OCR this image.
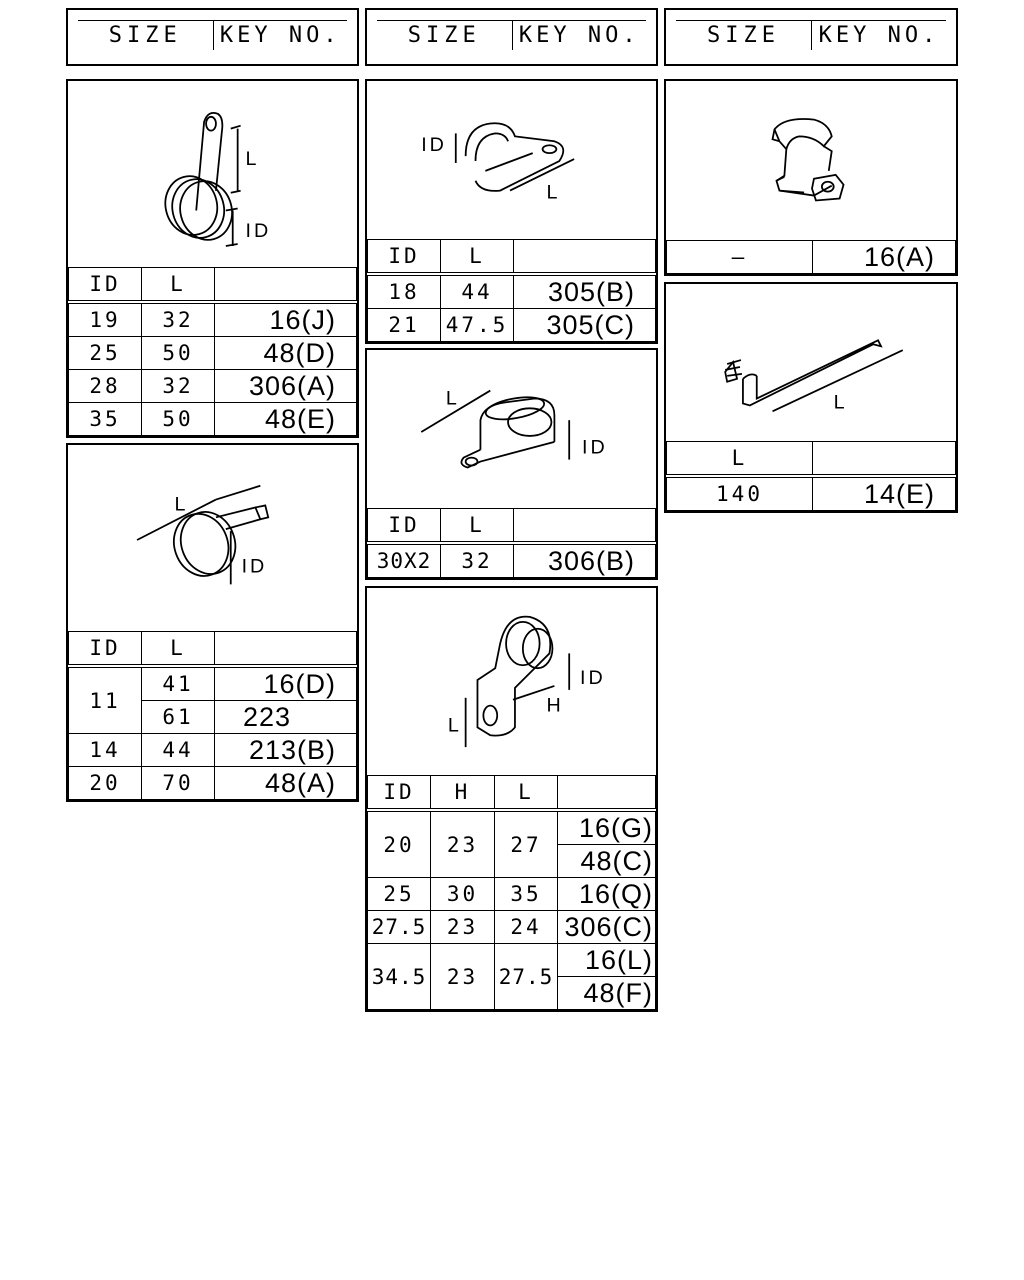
SIZE	KEY NO.	SIZE	KEY NO.	SIZE	KEY NO.
L
ID
ID	L	
19	32	16(J)
25	50	48(D)
28	32	306(A)
35	50	48(E)
L
ID
ID	L	
11	41	16(D)
	61	223
14	44	213(B)
20	70	48(A)
ID
L
ID	L	
18	44	305(B)
21	47.5	305(C)
L
ID
ID	L	
30X2	32	306(B)
ID
H
L
ID	H	L	
20	23	27	16(G)
			48(C)
25	30	35	16(Q)
27.5	23	24	306(C)
34.5	23	27.5	16(L)
			48(F)
—	16(A)
L
L	
140	14(E)
